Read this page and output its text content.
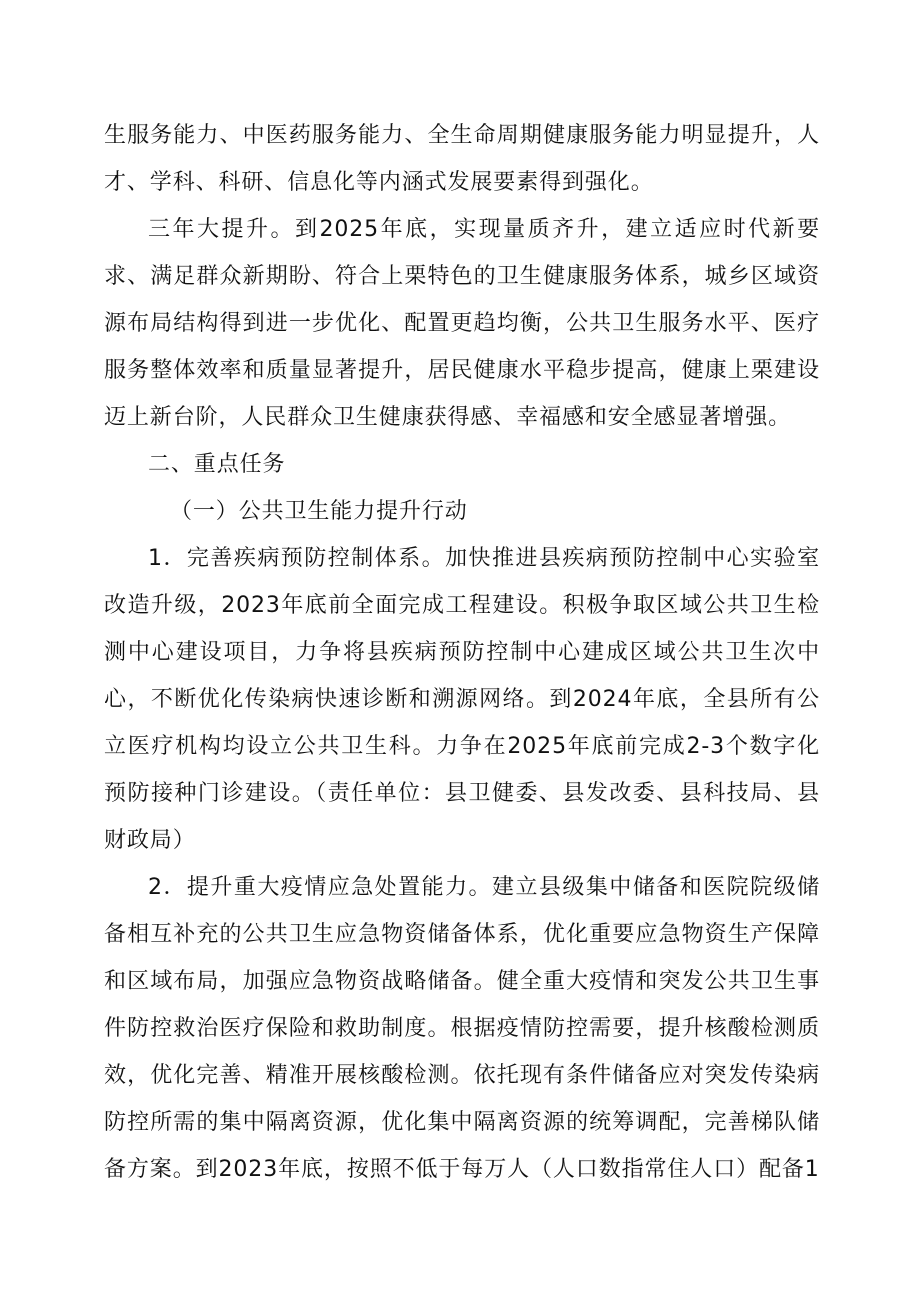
生服务能力、中医药服务能力、全生命周期健康服务能力明显提升，人才、学科、科研、信息化等内涵式发展要素得到强化。

三年大提升。到2025年底，实现量质齐升，建立适应时代新要求、满足群众新期盼、符合上栗特色的卫生健康服务体系，城乡区域资源布局结构得到进一步优化、配置更趋均衡，公共卫生服务水平、医疗服务整体效率和质量显著提升，居民健康水平稳步提高，健康上栗建设迈上新台阶，人民群众卫生健康获得感、幸福感和安全感显著增强。

二、重点任务

（一）公共卫生能力提升行动

1．完善疾病预防控制体系。加快推进县疾病预防控制中心实验室改造升级，2023年底前全面完成工程建设。积极争取区域公共卫生检测中心建设项目，力争将县疾病预防控制中心建成区域公共卫生次中心，不断优化传染病快速诊断和溯源网络。到2024年底，全县所有公立医疗机构均设立公共卫生科。力争在2025年底前完成2-3个数字化预防接种门诊建设。（责任单位：县卫健委、县发改委、县科技局、县财政局）

2．提升重大疫情应急处置能力。建立县级集中储备和医院院级储备相互补充的公共卫生应急物资储备体系，优化重要应急物资生产保障和区域布局，加强应急物资战略储备。健全重大疫情和突发公共卫生事件防控救治医疗保险和救助制度。根据疫情防控需要，提升核酸检测质效，优化完善、精准开展核酸检测。依托现有条件储备应对突发传染病防控所需的集中隔离资源，优化集中隔离资源的统筹调配，完善梯队储备方案。到2023年底，按照不低于每万人（人口数指常住人口）配备1
